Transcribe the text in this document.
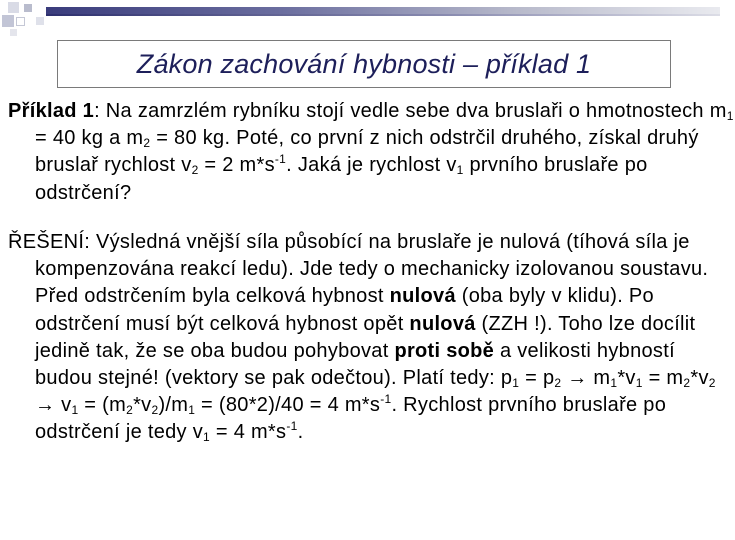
Zákon zachování hybnosti – příklad 1
Příklad 1: Na zamrzlém rybníku stojí vedle sebe dva bruslaři o hmotnostech $m_1 = 40$ kg a $m_2 = 80$ kg. Poté, co první z nich odstrčil druhého, získal druhý bruslař rychlost $v_2 = 2$ $m*s^{-1}$. Jaká je rychlost $v_1$ prvního bruslaře po odstrčení?
ŘEŠENÍ: Výsledná vnější síla působící na bruslaře je nulová (tíhová síla je kompenzována reakcí ledu). Jde tedy o mechanicky izolovanou soustavu. Před odstrčením byla celková hybnost nulová (oba byly v klidu). Po odstrčení musí být celková hybnost opět nulová (ZZH !). Toho lze docílit jedině tak, že se oba budou pohybovat proti sobě a velikosti hybností budou stejné! (vektory se pak odečtou). Platí tedy: $p_1 = p_2 \to m_1*v_1 = m_2*v_2 \to v_1 = (m_2*v_2)/m_1 = (80*2)/40 = 4$ $m*s^{-1}$. Rychlost prvního bruslaře po odstrčení je tedy $v_1 = 4$ $m*s^{-1}$.
